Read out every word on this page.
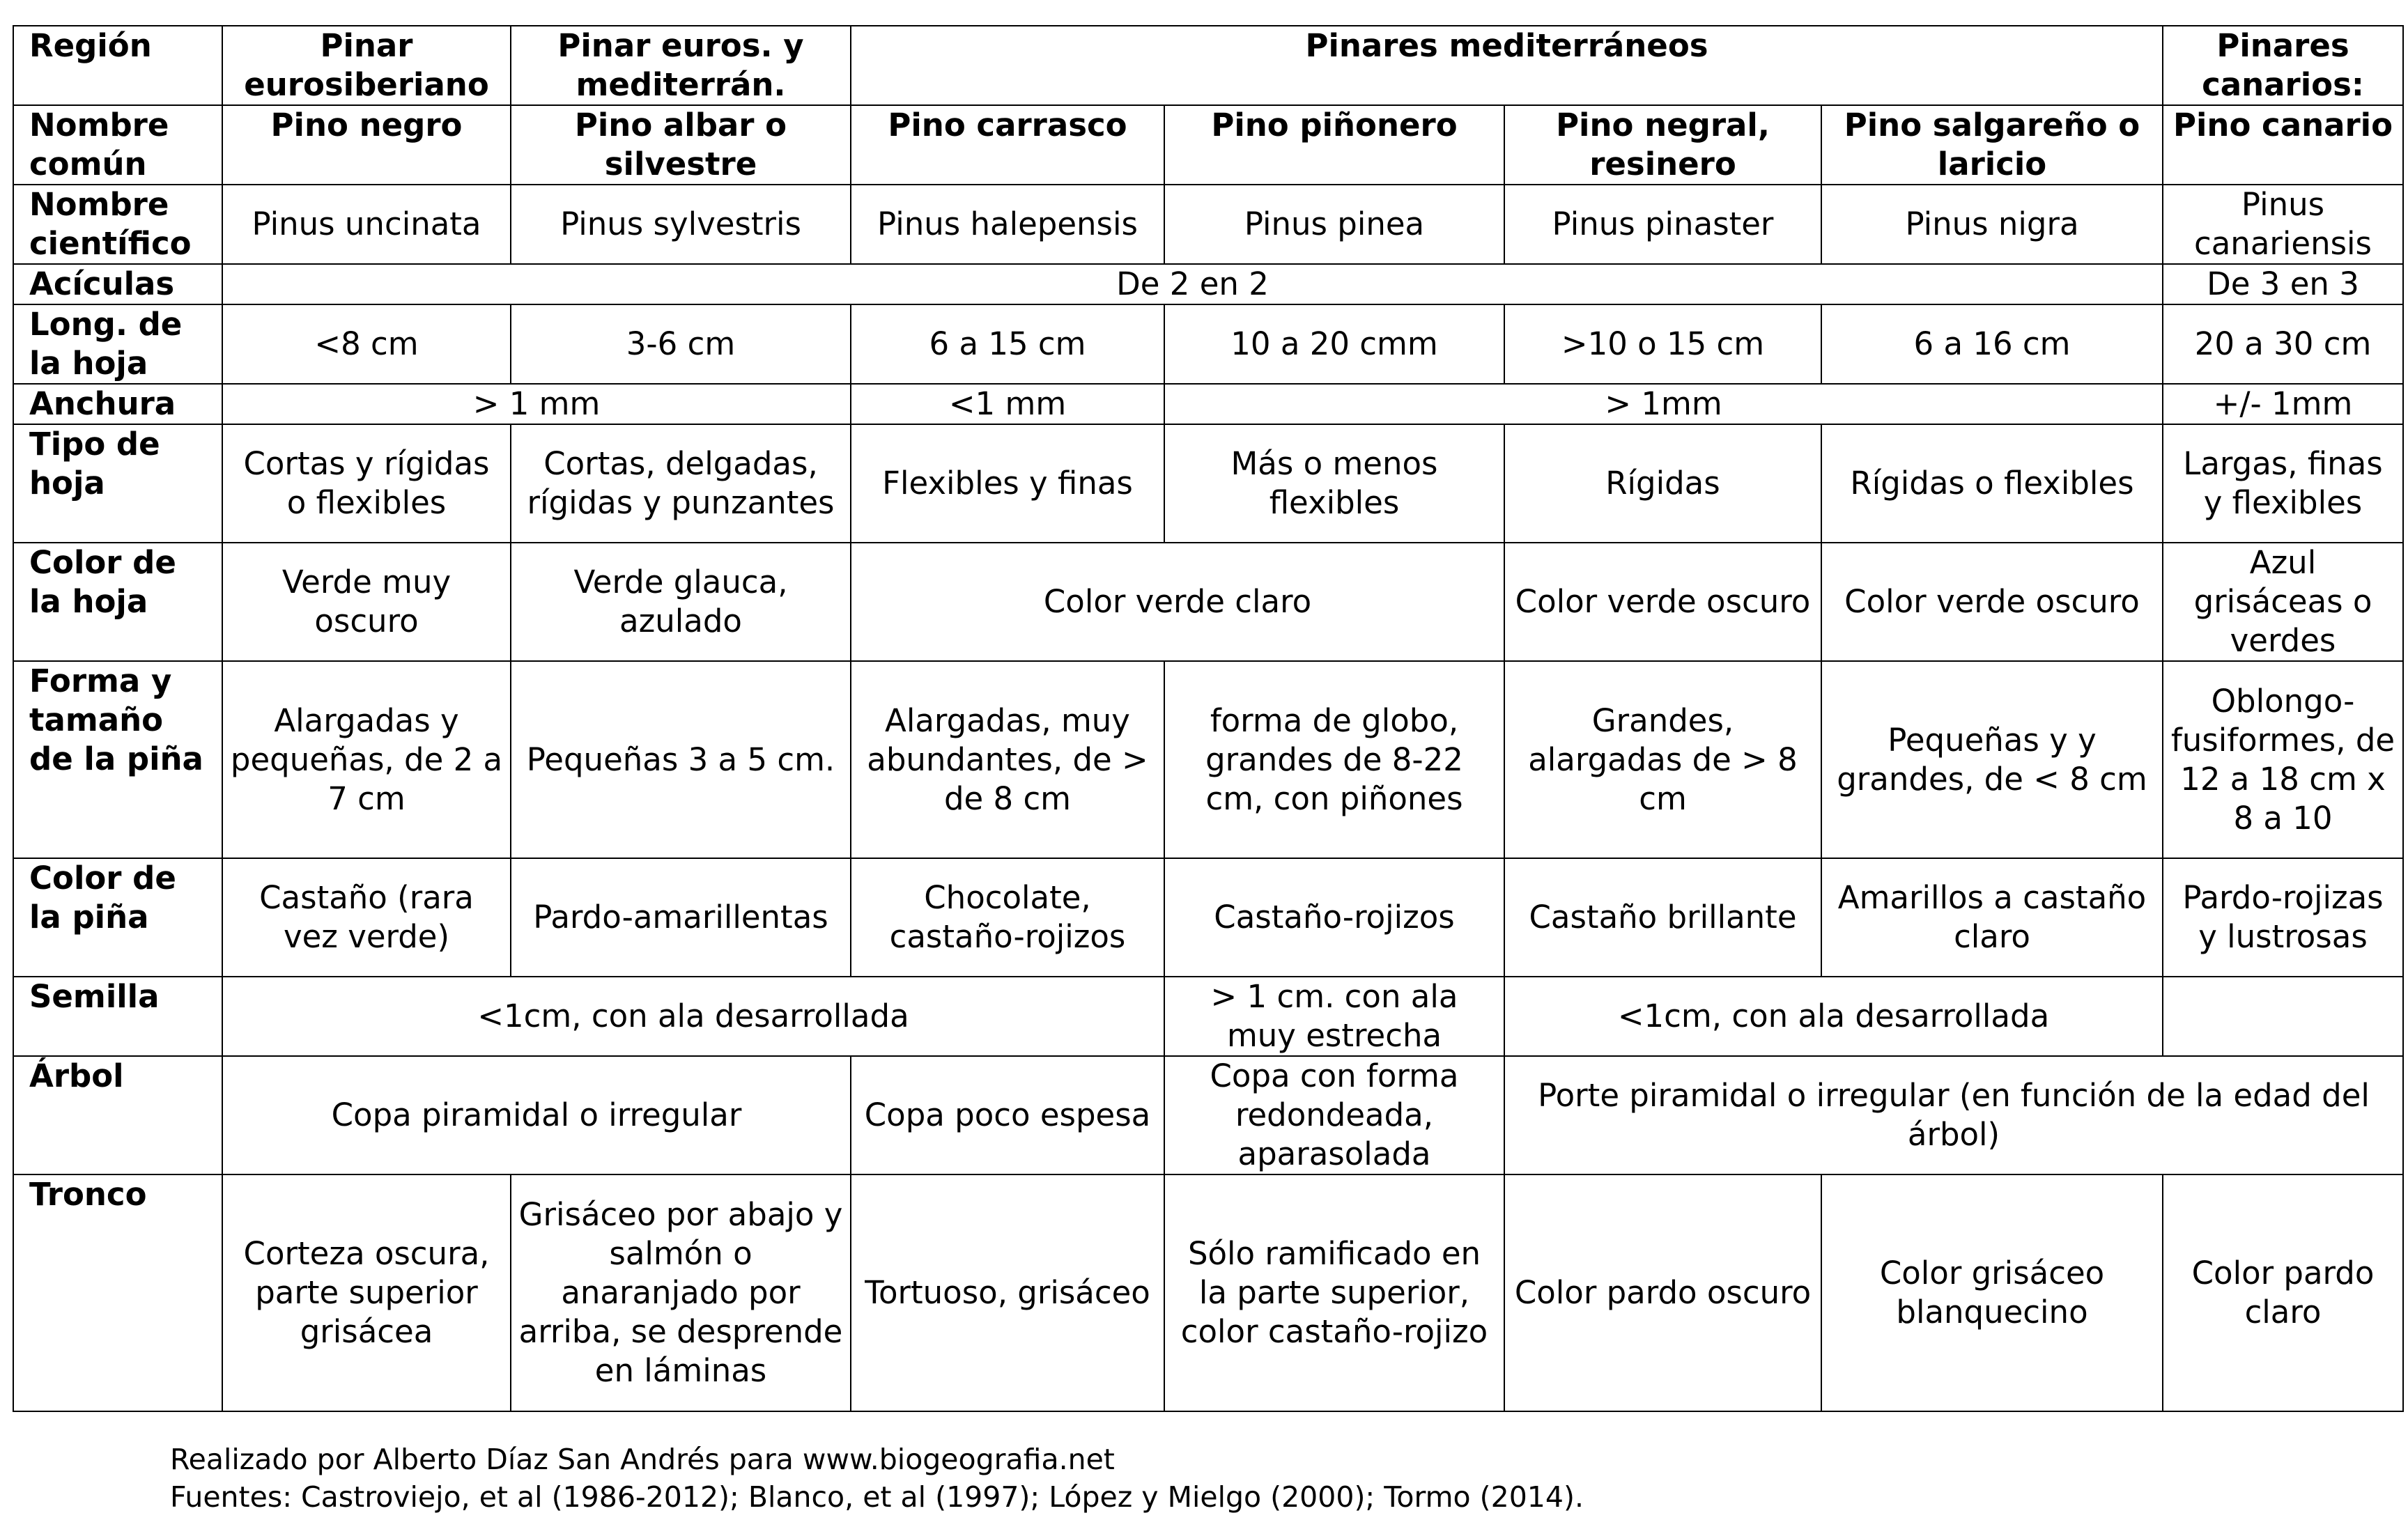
Región	Pinar eurosiberiano	Pinar euros. y mediterrán.	Pinares mediterráneos				Pinares canarios:
Nombre común	Pino negro	Pino albar o silvestre	Pino carrasco	Pino piñonero	Pino negral, resinero	Pino salgareño o laricio	Pino canario
Nombre científico	Pinus uncinata	Pinus sylvestris	Pinus halepensis	Pinus pinea	Pinus pinaster	Pinus nigra	Pinus canariensis
Acículas	De 2 en 2						De 3 en 3
Long. de la hoja	<8 cm	3-6 cm	6 a 15 cm	10 a 20 cmm	>10 o 15 cm	6 a 16 cm	20 a 30 cm
Anchura	> 1 mm		<1 mm	> 1mm			+/- 1mm
Tipo de hoja	Cortas y rígidas o flexibles	Cortas, delgadas, rígidas y punzantes	Flexibles y finas	Más o menos flexibles	Rígidas	Rígidas o flexibles	Largas, finas y flexibles
Color de la hoja	Verde muy oscuro	Verde glauca, azulado	Color verde claro		Color verde oscuro	Color verde oscuro	Azul grisáceas o verdes
Forma y tamaño de la piña	Alargadas y pequeñas, de 2 a 7 cm	Pequeñas 3 a 5 cm.	Alargadas, muy abundantes, de > de 8 cm	forma de globo, grandes de 8-22 cm, con piñones	Grandes, alargadas de > 8 cm	Pequeñas y y grandes, de < 8 cm	Oblongo-fusiformes, de 12 a 18 cm x 8 a 10
Color de la piña	Castaño (rara vez verde)	Pardo-amarillentas	Chocolate, castaño-rojizos	Castaño-rojizos	Castaño brillante	Amarillos a castaño claro	Pardo-rojizas y lustrosas
Semilla	<1cm, con ala desarrollada			> 1 cm. con ala muy estrecha	<1cm, con ala desarrollada		
Árbol	Copa piramidal o irregular		Copa poco espesa	Copa con forma redondeada, aparasolada	Porte piramidal o irregular (en función de la edad del árbol)		
Tronco	Corteza oscura, parte superior grisácea	Grisáceo por abajo y salmón o anaranjado por arriba, se desprende en láminas	Tortuoso, grisáceo	Sólo ramificado en la parte superior, color castaño-rojizo	Color pardo oscuro	Color grisáceo blanquecino	Color pardo claro
Realizado por Alberto Díaz San Andrés para www.biogeografia.net
Fuentes: Castroviejo, et al (1986-2012); Blanco, et al (1997); López y Mielgo (2000); Tormo (2014).
